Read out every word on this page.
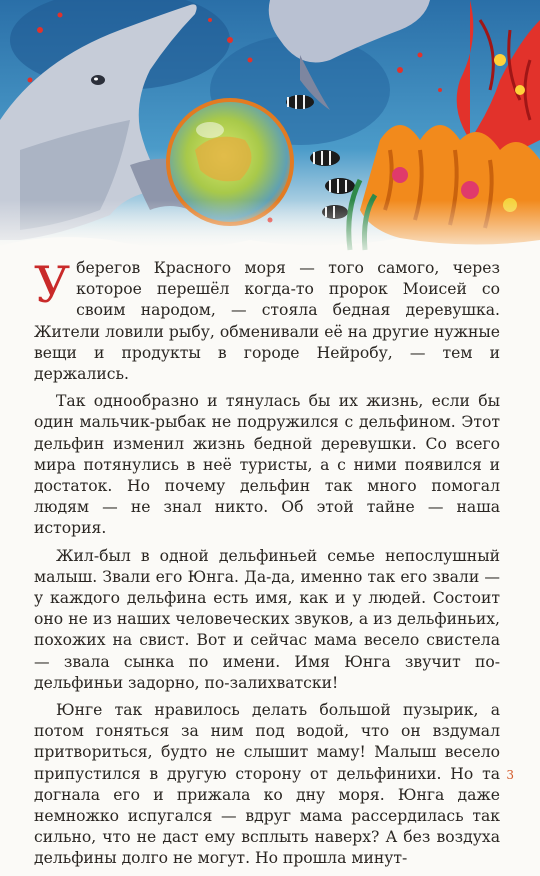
У берегов Красного моря — того самого, через которое перешёл когда-то пророк Моисей со своим народом, — стояла бедная деревушка. Жители ловили рыбу, обменивали её на другие нужные вещи и продукты в городе Нейробу, — тем и держались.

Так однообразно и тянулась бы их жизнь, если бы один мальчик-рыбак не подружился с дельфином. Этот дельфин изменил жизнь бедной деревушки. Со всего мира потянулись в неё туристы, а с ними появился и достаток. Но почему дельфин так много помогал людям — не знал никто. Об этой тайне — наша история.

Жил-был в одной дельфиньей семье непослушный малыш. Звали его Юнга. Да-да, именно так его звали — у каждого дельфина есть имя, как и у людей. Состоит оно не из наших человеческих звуков, а из дельфиньих, похожих на свист. Вот и сейчас мама весело свистела — звала сынка по имени. Имя Юнга звучит по-дельфиньи задорно, по-залихватски!

Юнге так нравилось делать большой пузырик, а потом гоняться за ним под водой, что он вздумал притвориться, будто не слышит маму! Малыш весело припустился в другую сторону от дельфинихи. Но та догнала его и прижала ко дну моря. Юнга даже немножко испугался — вдруг мама рассердилась так сильно, что не даст ему всплыть наверх? А без воздуха дельфины долго не могут. Но прошла минут-

3
